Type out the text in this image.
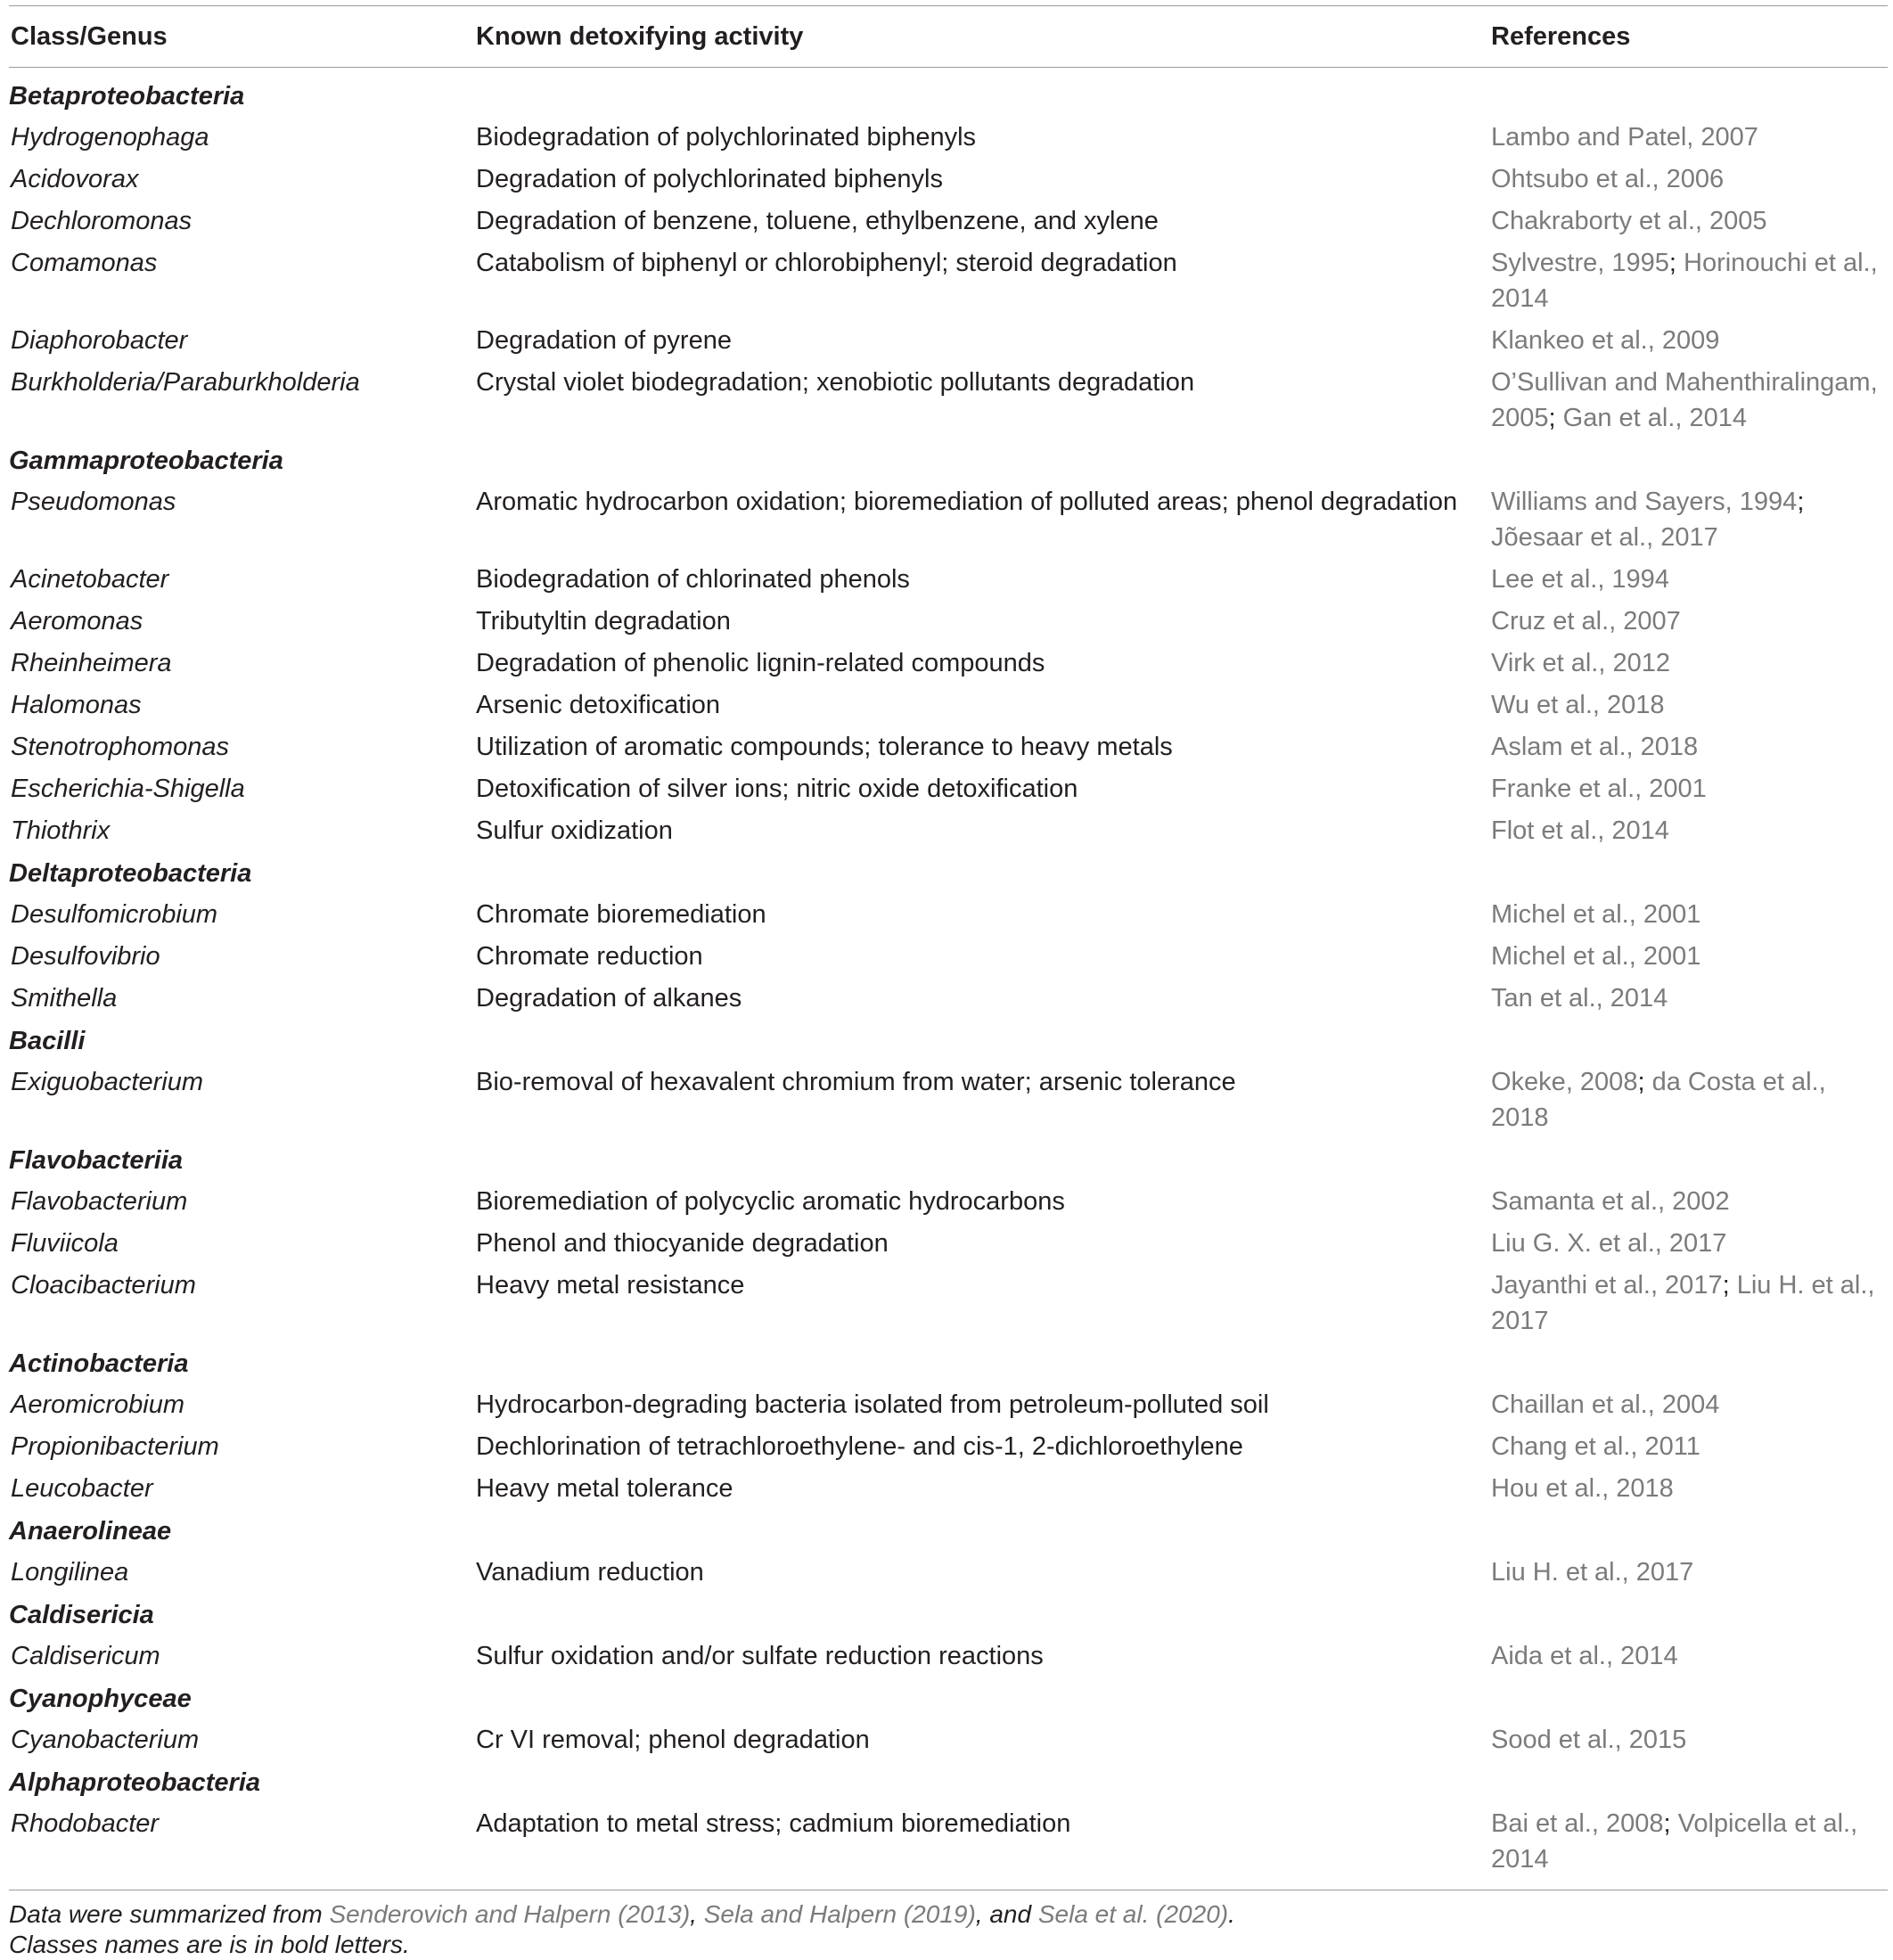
Class/Genus	Known detoxifying activity	References
Betaproteobacteria
Hydrogenophaga	Biodegradation of polychlorinated biphenyls	Lambo and Patel, 2007
Acidovorax	Degradation of polychlorinated biphenyls	Ohtsubo et al., 2006
Dechloromonas	Degradation of benzene, toluene, ethylbenzene, and xylene	Chakraborty et al., 2005
Comamonas	Catabolism of biphenyl or chlorobiphenyl; steroid degradation	Sylvestre, 1995; Horinouchi et al., 2014
Diaphorobacter	Degradation of pyrene	Klankeo et al., 2009
Burkholderia/Paraburkholderia	Crystal violet biodegradation; xenobiotic pollutants degradation	O’Sullivan and Mahenthiralingam, 2005; Gan et al., 2014
Gammaproteobacteria
Pseudomonas	Aromatic hydrocarbon oxidation; bioremediation of polluted areas; phenol degradation	Williams and Sayers, 1994; Jõesaar et al., 2017
Acinetobacter	Biodegradation of chlorinated phenols	Lee et al., 1994
Aeromonas	Tributyltin degradation	Cruz et al., 2007
Rheinheimera	Degradation of phenolic lignin-related compounds	Virk et al., 2012
Halomonas	Arsenic detoxification	Wu et al., 2018
Stenotrophomonas	Utilization of aromatic compounds; tolerance to heavy metals	Aslam et al., 2018
Escherichia-Shigella	Detoxification of silver ions; nitric oxide detoxification	Franke et al., 2001
Thiothrix	Sulfur oxidization	Flot et al., 2014
Deltaproteobacteria
Desulfomicrobium	Chromate bioremediation	Michel et al., 2001
Desulfovibrio	Chromate reduction	Michel et al., 2001
Smithella	Degradation of alkanes	Tan et al., 2014
Bacilli
Exiguobacterium	Bio-removal of hexavalent chromium from water; arsenic tolerance	Okeke, 2008; da Costa et al., 2018
Flavobacteriia
Flavobacterium	Bioremediation of polycyclic aromatic hydrocarbons	Samanta et al., 2002
Fluviicola	Phenol and thiocyanide degradation	Liu G. X. et al., 2017
Cloacibacterium	Heavy metal resistance	Jayanthi et al., 2017; Liu H. et al., 2017
Actinobacteria
Aeromicrobium	Hydrocarbon-degrading bacteria isolated from petroleum-polluted soil	Chaillan et al., 2004
Propionibacterium	Dechlorination of tetrachloroethylene- and cis-1, 2-dichloroethylene	Chang et al., 2011
Leucobacter	Heavy metal tolerance	Hou et al., 2018
Anaerolineae
Longilinea	Vanadium reduction	Liu H. et al., 2017
Caldisericia
Caldisericum	Sulfur oxidation and/or sulfate reduction reactions	Aida et al., 2014
Cyanophyceae
Cyanobacterium	Cr VI removal; phenol degradation	Sood et al., 2015
Alphaproteobacteria
Rhodobacter	Adaptation to metal stress; cadmium bioremediation	Bai et al., 2008; Volpicella et al., 2014
Data were summarized from Senderovich and Halpern (2013), Sela and Halpern (2019), and Sela et al. (2020).
Classes names are is in bold letters.
